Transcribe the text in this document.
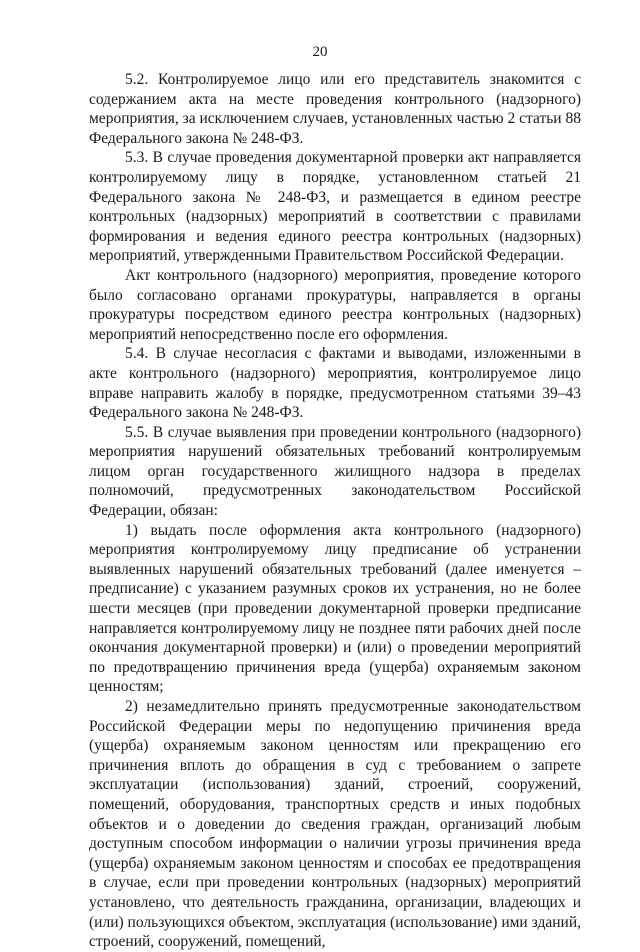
20

5.2. Контролируемое лицо или его представитель знакомится с содержанием акта на месте проведения контрольного (надзорного) мероприятия, за исключением случаев, установленных частью 2 статьи 88 Федерального закона № 248-ФЗ.

5.3. В случае проведения документарной проверки акт направляется контролируемому лицу в порядке, установленном статьей 21 Федерального закона № 248-ФЗ, и размещается в едином реестре контрольных (надзорных) мероприятий в соответствии с правилами формирования и ведения единого реестра контрольных (надзорных) мероприятий, утвержденными Правительством Российской Федерации.

Акт контрольного (надзорного) мероприятия, проведение которого было согласовано органами прокуратуры, направляется в органы прокуратуры посредством единого реестра контрольных (надзорных) мероприятий непосредственно после его оформления.

5.4. В случае несогласия с фактами и выводами, изложенными в акте контрольного (надзорного) мероприятия, контролируемое лицо вправе направить жалобу в порядке, предусмотренном статьями 39–43 Федерального закона № 248-ФЗ.

5.5. В случае выявления при проведении контрольного (надзорного) мероприятия нарушений обязательных требований контролируемым лицом орган государственного жилищного надзора в пределах полномочий, предусмотренных законодательством Российской Федерации, обязан:

1) выдать после оформления акта контрольного (надзорного) мероприятия контролируемому лицу предписание об устранении выявленных нарушений обязательных требований (далее именуется – предписание) с указанием разумных сроков их устранения, но не более шести месяцев (при проведении документарной проверки предписание направляется контролируемому лицу не позднее пяти рабочих дней после окончания документарной проверки) и (или) о проведении мероприятий по предотвращению причинения вреда (ущерба) охраняемым законом ценностям;

2) незамедлительно принять предусмотренные законодательством Российской Федерации меры по недопущению причинения вреда (ущерба) охраняемым законом ценностям или прекращению его причинения вплоть до обращения в суд с требованием о запрете эксплуатации (использования) зданий, строений, сооружений, помещений, оборудования, транспортных средств и иных подобных объектов и о доведении до сведения граждан, организаций любым доступным способом информации о наличии угрозы причинения вреда (ущерба) охраняемым законом ценностям и способах ее предотвращения в случае, если при проведении контрольных (надзорных) мероприятий установлено, что деятельность гражданина, организации, владеющих и (или) пользующихся объектом, эксплуатация (использование) ими зданий, строений, сооружений, помещений,
